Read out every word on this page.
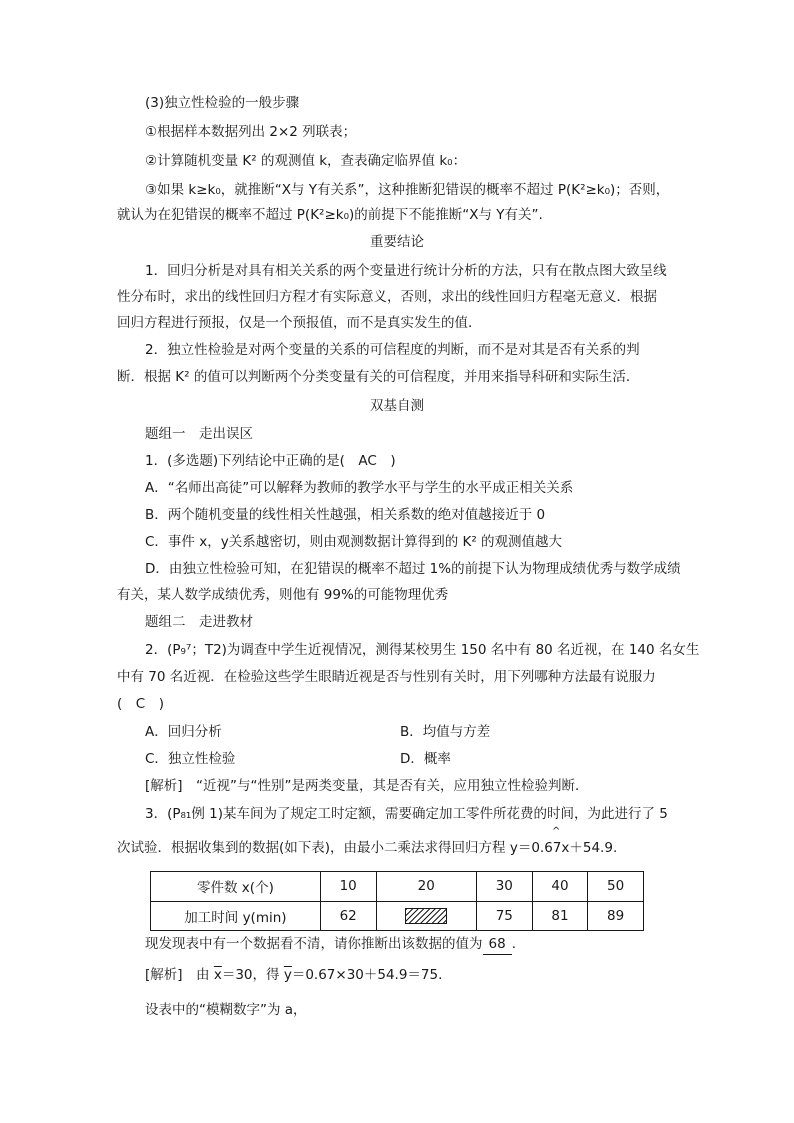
(3)独立性检验的一般步骤
①根据样本数据列出 2×2 列联表；
②计算随机变量 K² 的观测值 k，查表确定临界值 k₀：
③如果 k≥k₀，就推断“X与 Y有关系”，这种推断犯错误的概率不超过 P(K²≥k₀)；否则，
就认为在犯错误的概率不超过 P(K²≥k₀)的前提下不能推断“X与 Y有关”.
重要结论
1．回归分析是对具有相关关系的两个变量进行统计分析的方法，只有在散点图大致呈线
性分布时，求出的线性回归方程才有实际意义，否则，求出的线性回归方程毫无意义．根据
回归方程进行预报，仅是一个预报值，而不是真实发生的值．
2．独立性检验是对两个变量的关系的可信程度的判断，而不是对其是否有关系的判
断．根据 K² 的值可以判断两个分类变量有关的可信程度，并用来指导科研和实际生活．
双基自测
题组一　走出误区
1．(多选题)下列结论中正确的是(　AC　)
A．“名师出高徒”可以解释为教师的教学水平与学生的水平成正相关关系
B．两个随机变量的线性相关性越强，相关系数的绝对值越接近于 0
C．事件 x，y关系越密切，则由观测数据计算得到的 K² 的观测值越大
D．由独立性检验可知，在犯错误的概率不超过 1%的前提下认为物理成绩优秀与数学成绩
有关，某人数学成绩优秀，则他有 99%的可能物理优秀
题组二　走进教材
2．(P₉⁷；T2)为调查中学生近视情况，测得某校男生 150 名中有 80 名近视，在 140 名女生
中有 70 名近视．在检验这些学生眼睛近视是否与性别有关时，用下列哪种方法最有说服力
(　C　)
A．回归分析	B．均值与方差
C．独立性检验	D．概率
[解析]　“近视”与“性别”是两类变量，其是否有关，应用独立性检验判断．
3．(P₈₁例 1)某车间为了规定工时定额，需要确定加工零件所花费的时间，为此进行了 5
次试验．根据收集到的数据(如下表)，由最小二乘法求得回归方程 y＝0.67x＋54.9.
^
零件数 x(个)	10	20	30	40	50
加工时间 y(min)	62		75	81	89
现发现表中有一个数据看不清，请你推断出该数据的值为 68 .
[解析]　由 $\overline{x}=30$，得 $\overline{y}=0.67\times 30+54.9=75$.
设表中的“模糊数字”为 a，
